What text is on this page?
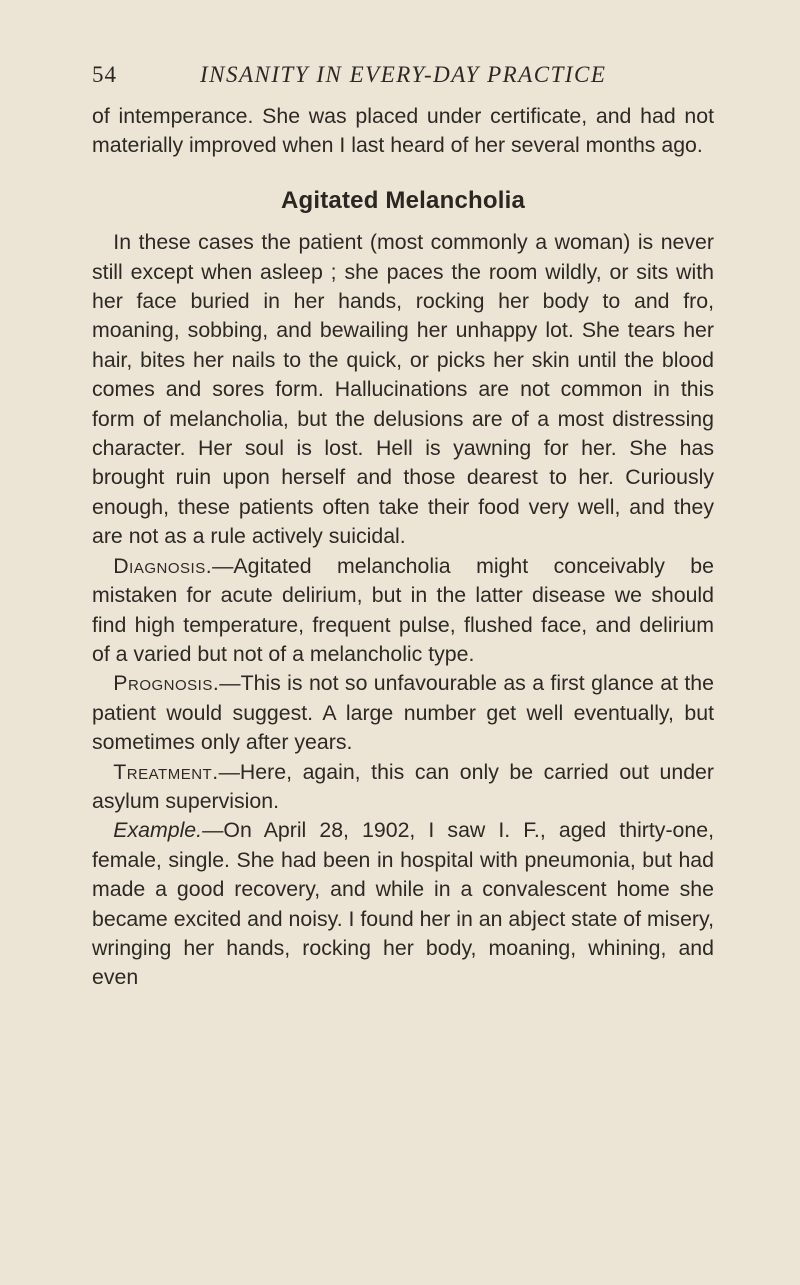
54	INSANITY IN EVERY-DAY PRACTICE

of intemperance. She was placed under certificate, and had not materially improved when I last heard of her several months ago.

Agitated Melancholia

In these cases the patient (most commonly a woman) is never still except when asleep ; she paces the room wildly, or sits with her face buried in her hands, rocking her body to and fro, moaning, sobbing, and bewailing her unhappy lot. She tears her hair, bites her nails to the quick, or picks her skin until the blood comes and sores form. Hallucinations are not common in this form of melancholia, but the delusions are of a most distressing character. Her soul is lost. Hell is yawning for her. She has brought ruin upon herself and those dearest to her. Curiously enough, these patients often take their food very well, and they are not as a rule actively suicidal.

Diagnosis.—Agitated melancholia might conceivably be mistaken for acute delirium, but in the latter disease we should find high temperature, frequent pulse, flushed face, and delirium of a varied but not of a melancholic type.

Prognosis.—This is not so unfavourable as a first glance at the patient would suggest. A large number get well eventually, but sometimes only after years.

Treatment.—Here, again, this can only be carried out under asylum supervision.

Example.—On April 28, 1902, I saw I. F., aged thirty-one, female, single. She had been in hospital with pneumonia, but had made a good recovery, and while in a convalescent home she became excited and noisy. I found her in an abject state of misery, wringing her hands, rocking her body, moaning, whining, and even
